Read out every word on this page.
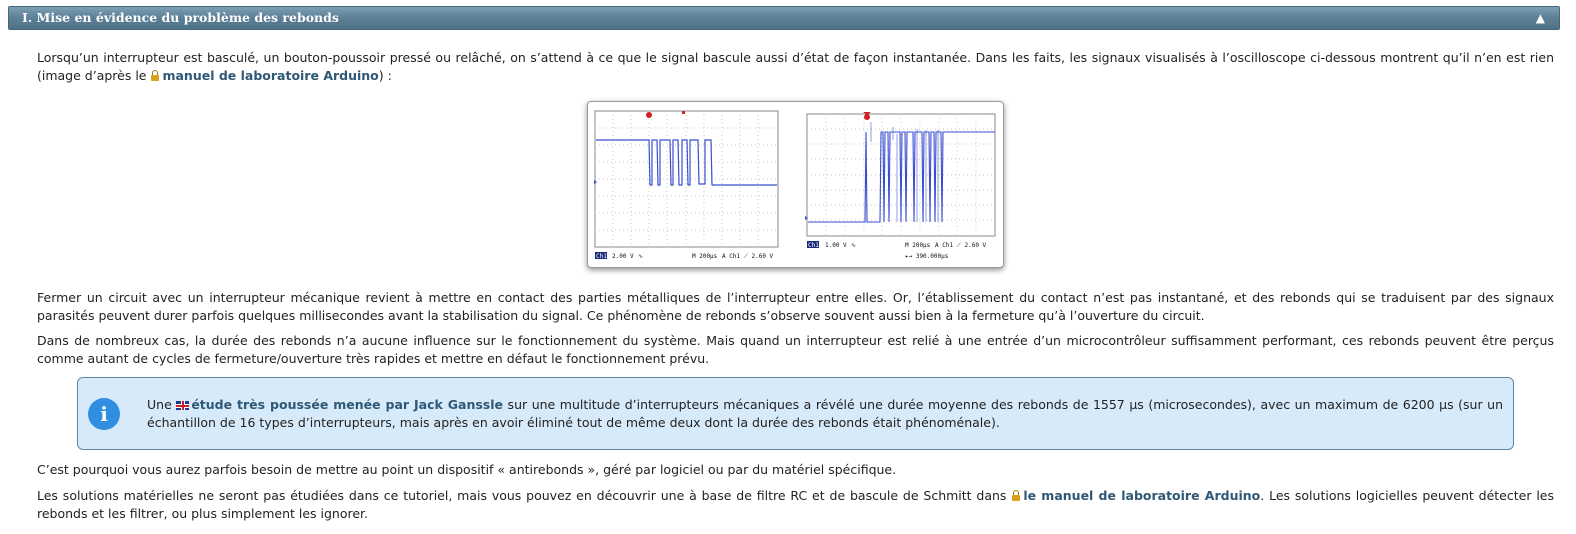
I. Mise en évidence du problème des rebonds	▲

Lorsqu’un interrupteur est basculé, un bouton-poussoir pressé ou relâché, on s’attend à ce que le signal bascule aussi d’état de façon instantanée. Dans les faits, les signaux visualisés à l’oscilloscope ci-dessous montrent qu’il n’en est rien (image d’après le manuel de laboratoire Arduino) :

Ch1 2.00 V ∿	M 200µs A Ch1 ⟋ 2.60 V
Ch1 1.00 V ∿	M 200µs A Ch1 ⟋ 2.60 V
▸→ 390.000µs

Fermer un circuit avec un interrupteur mécanique revient à mettre en contact des parties métalliques de l’interrupteur entre elles. Or, l’établissement du contact n’est pas instantané, et des rebonds qui se traduisent par des signaux parasités peuvent durer parfois quelques millisecondes avant la stabilisation du signal. Ce phénomène de rebonds s’observe souvent aussi bien à la fermeture qu’à l’ouverture du circuit.

Dans de nombreux cas, la durée des rebonds n’a aucune influence sur le fonctionnement du système. Mais quand un interrupteur est relié à une entrée d’un microcontrôleur suffisamment performant, ces rebonds peuvent être perçus comme autant de cycles de fermeture/ouverture très rapides et mettre en défaut le fonctionnement prévu.

i	Une étude très poussée menée par Jack Ganssle sur une multitude d’interrupteurs mécaniques a révélé une durée moyenne des rebonds de 1557 µs (microsecondes), avec un maximum de 6200 µs (sur un échantillon de 16 types d’interrupteurs, mais après en avoir éliminé tout de même deux dont la durée des rebonds était phénoménale).

C’est pourquoi vous aurez parfois besoin de mettre au point un dispositif « antirebonds », géré par logiciel ou par du matériel spécifique.

Les solutions matérielles ne seront pas étudiées dans ce tutoriel, mais vous pouvez en découvrir une à base de filtre RC et de bascule de Schmitt dans le manuel de laboratoire Arduino. Les solutions logicielles peuvent détecter les rebonds et les filtrer, ou plus simplement les ignorer.
